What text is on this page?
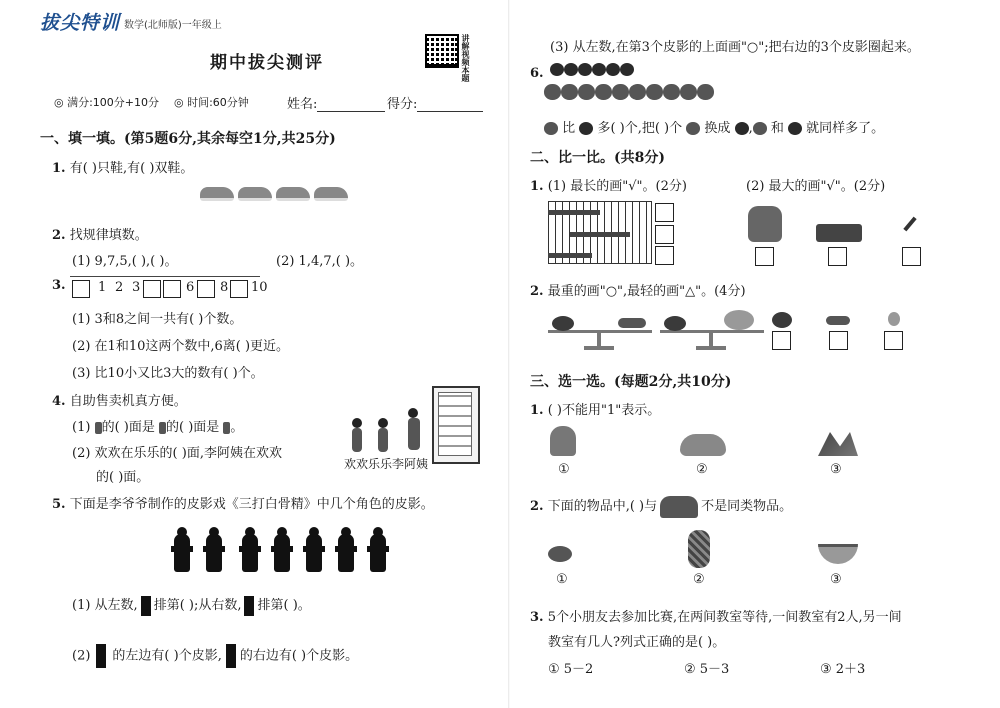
拔尖特训 数学(北师版)一年级上
期中拔尖测评	讲解视频本题
◎ 满分:100分+10分 ◎ 时间:60分钟	姓名:	得分:
一、填一填。(第5题6分,其余每空1分,共25分)
1. 有( )只鞋,有( )双鞋。
2. 找规律填数。
(1) 9,7,5,( ),( )。	(2) 1,4,7,( )。
3. 1 2 3	6 8 10
(1) 3和8之间一共有( )个数。
(2) 在1和10这两个数中,6离( )更近。
(3) 比10小又比3大的数有( )个。
4. 自助售卖机真方便。
(1) 的( )面是 的( )面是 。
(2) 欢欢在乐乐的( )面,李阿姨在欢欢
的( )面。
欢欢乐乐李阿姨
5. 下面是李爷爷制作的皮影戏《三打白骨精》中几个角色的皮影。
(1) 从左数, 排第( );从右数, 排第( )。
(2) 的左边有( )个皮影, 的右边有( )个皮影。
(3) 从左数,在第3个皮影的上面画"○";把右边的3个皮影圈起来。
6.
比 多( )个,把( )个 换成 , 和 就同样多了。
二、比一比。(共8分)
1. (1) 最长的画"√"。(2分)	(2) 最大的画"√"。(2分)
2. 最重的画"○",最轻的画"△"。(4分)
三、选一选。(每题2分,共10分)
1. ( )不能用"1"表示。
①	②	③
2. 下面的物品中,( )与	不是同类物品。
①	②	③
3. 5个小朋友去参加比赛,在两间教室等待,一间教室有2人,另一间
教室有几人?列式正确的是( )。
① 5－2	② 5－3	③ 2＋3
